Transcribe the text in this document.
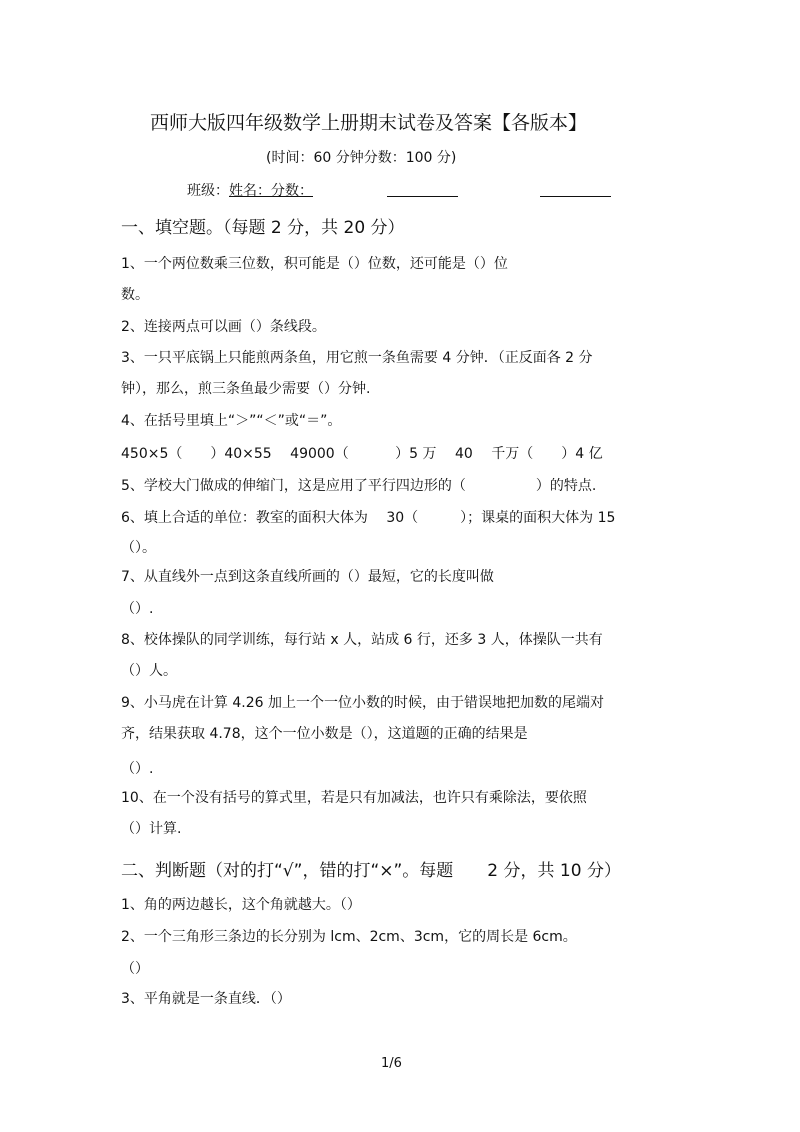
西师大版四年级数学上册期末试卷及答案【各版本】
(时间：60 分钟分数：100 分)
班级：姓名：分数：
一、填空题。（每题 2 分，共 20 分）
1、一个两位数乘三位数，积可能是（）位数，还可能是（）位
数。
2、连接两点可以画（）条线段。
3、一只平底锅上只能煎两条鱼，用它煎一条鱼需要 4 分钟．（正反面各 2 分
钟），那么，煎三条鱼最少需要（）分钟.
4、在括号里填上“＞”“＜”或“＝”。
450×5（　　）40×55　 49000（　　　 ）5 万　 40　 千万（　　）4 亿
5、学校大门做成的伸缩门，这是应用了平行四边形的（　　　　　）的特点.
6、填上合适的单位：教室的面积大体为　 30（　　　）；课桌的面积大体为 15
（）。
7、从直线外一点到这条直线所画的（）最短，它的长度叫做
（）.
8、校体操队的同学训练，每行站 x 人，站成 6 行，还多 3 人，体操队一共有
（）人。
9、小马虎在计算 4.26 加上一个一位小数的时候，由于错误地把加数的尾端对
齐，结果获取 4.78，这个一位小数是（），这道题的正确的结果是
（）.
10、在一个没有括号的算式里，若是只有加减法，也许只有乘除法，要依照
（）计算.
二、判断题（对的打“√”，错的打“×”。每题　　2 分，共 10 分）
1、角的两边越长，这个角就越大。（）
2、一个三角形三条边的长分别为 lcm、2cm、3cm，它的周长是 6cm。
（）
3、平角就是一条直线．（）
1/6
